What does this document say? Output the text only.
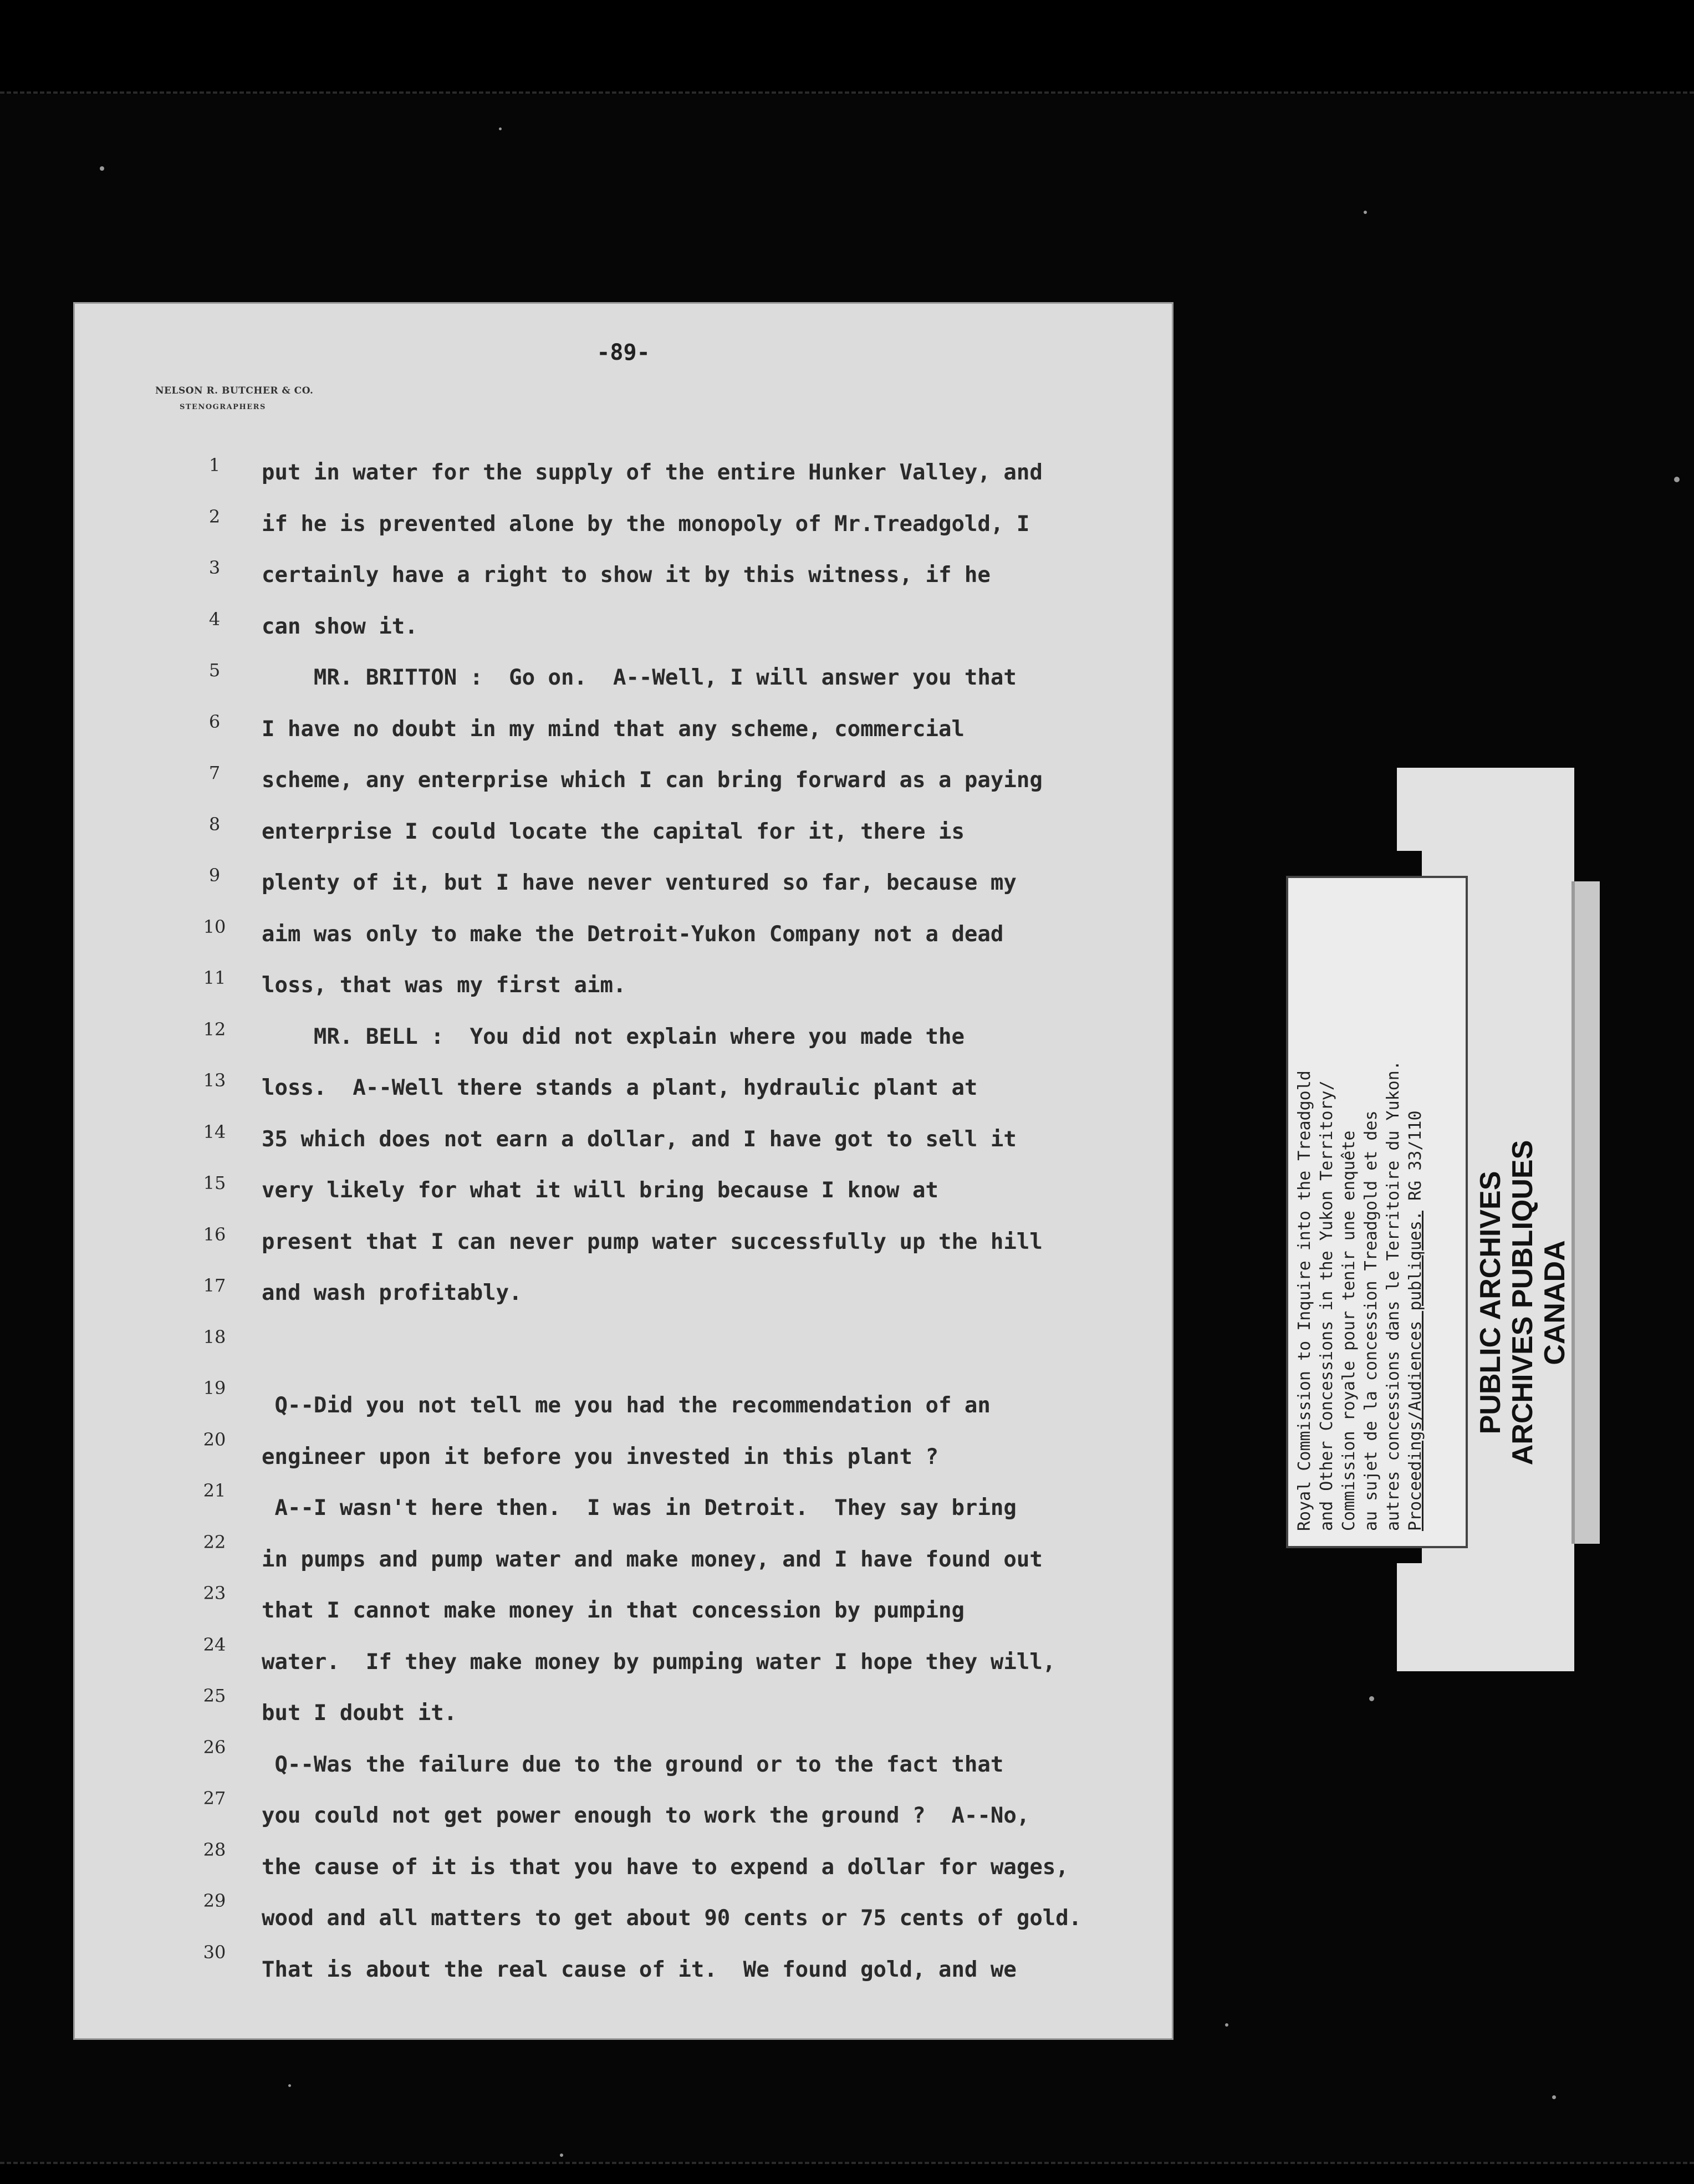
-89-
NELSON R. BUTCHER & CO.
STENOGRAPHERS
1	put in water for the supply of the entire Hunker Valley, and
2	if he is prevented alone by the monopoly of Mr.Treadgold, I
3	certainly have a right to show it by this witness, if he
4	can show it.
5	MR. BRITTON :  Go on.  A--Well, I will answer you that
6	I have no doubt in my mind that any scheme, commercial
7	scheme, any enterprise which I can bring forward as a paying
8	enterprise I could locate the capital for it, there is
9	plenty of it, but I have never ventured so far, because my
10 aim was only to make the Detroit-Yukon Company not a dead
11 loss, that was my first aim.
12 MR. BELL :  You did not explain where you made the
13 loss.  A--Well there stands a plant, hydraulic plant at
14 35 which does not earn a dollar, and I have got to sell it
15 very likely for what it will bring because I know at
16 present that I can never pump water successfully up the hill
17 and wash profitably.
18
19
Q--Did you not tell me you had the recommendation of an
20
engineer upon it before you invested in this plant ?
21
A--I wasn't here then.  I was in Detroit.  They say bring
22
in pumps and pump water and make money, and I have found out
23
that I cannot make money in that concession by pumping
24
water.  If they make money by pumping water I hope they will,
25
but I doubt it.
26
Q--Was the failure due to the ground or to the fact that
27
you could not get power enough to work the ground ?  A--No,
28
the cause of it is that you have to expend a dollar for wages,
29
wood and all matters to get about 90 cents or 75 cents of gold.
30
That is about the real cause of it.  We found gold, and we
Royal Commission to Inquire into the Treadgold and Other Concessions in the Yukon Territory/ Commission royale pour tenir une enquête au sujet de la concession Treadgold et des autres concessions dans le Territoire du Yukon. Proceedings/Audiences publiques. RG 33/110
PUBLIC ARCHIVES ARCHIVES PUBLIQUES CANADA
